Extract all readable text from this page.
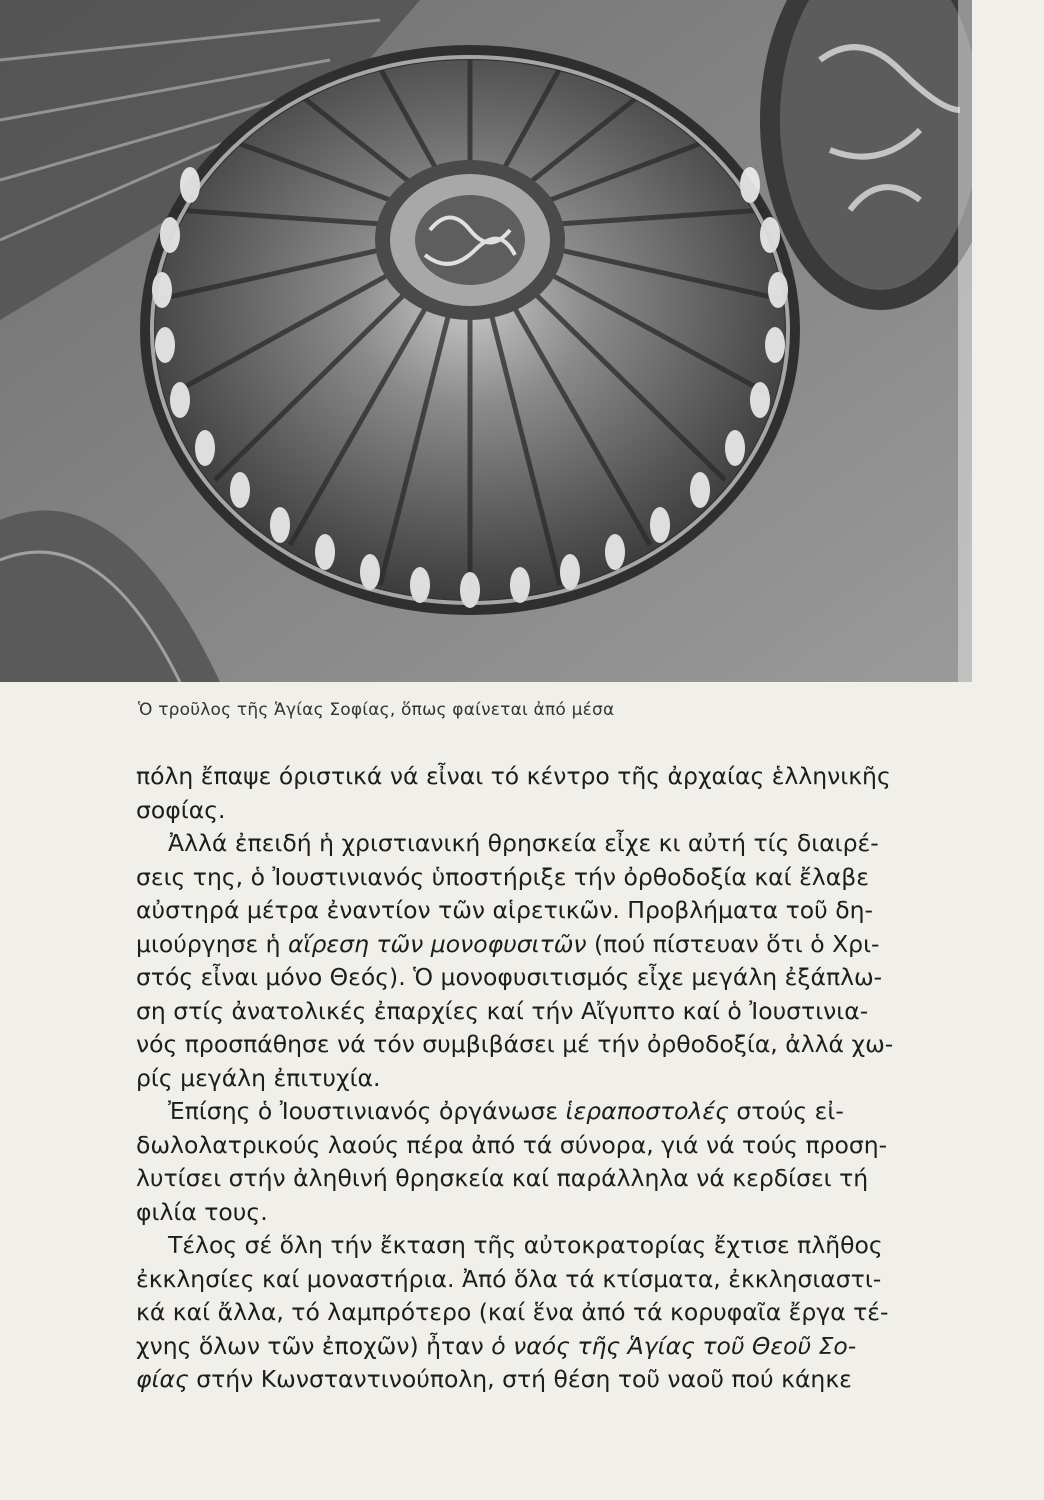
Ὁ τροῦλος τῆς Ἁγίας Σοφίας, ὅπως φαίνεται ἀπό μέσα

πόλη ἔπαψε όριστικά νά εἶναι τό κέντρο τῆς ἀρχαίας ἑλληνικῆς
σοφίας.

Ἀλλά ἐπειδή ἡ χριστιανική θρησκεία εἶχε κι αὐτή τίς διαιρέ-
σεις της, ὁ Ἰουστινιανός ὑποστήριξε τήν ὀρθοδοξία καί ἔλαβε
αὐστηρά μέτρα ἐναντίον τῶν αἱρετικῶν. Προβλήματα τοῦ δη-
μιούργησε ἡ αἵρεση τῶν μονοφυσιτῶν (πού πίστευαν ὅτι ὁ Χρι-
στός εἶναι μόνο Θεός). Ὁ μονοφυσιτισμός εἶχε μεγάλη ἐξάπλω-
ση στίς ἀνατολικές ἐπαρχίες καί τήν Αἴγυπτο καί ὁ Ἰουστινια-
νός προσπάθησε νά τόν συμβιβάσει μέ τήν ὀρθοδοξία, ἀλλά χω-
ρίς μεγάλη ἐπιτυχία.

Ἐπίσης ὁ Ἰουστινιανός ὀργάνωσε ἱεραποστολές στούς εἰ-
δωλολατρικούς λαούς πέρα ἀπό τά σύνορα, γιά νά τούς προση-
λυτίσει στήν ἀληθινή θρησκεία καί παράλληλα νά κερδίσει τή
φιλία τους.

Τέλος σέ ὅλη τήν ἔκταση τῆς αὐτοκρατορίας ἔχτισε πλῆθος
ἐκκλησίες καί μοναστήρια. Ἀπό ὅλα τά κτίσματα, ἐκκλησιαστι-
κά καί ἄλλα, τό λαμπρότερο (καί ἕνα ἀπό τά κορυφαῖα ἔργα τέ-
χνης ὅλων τῶν ἐποχῶν) ἦταν ὁ ναός τῆς Ἁγίας τοῦ Θεοῦ Σο-
φίας στήν Κωνσταντινούπολη, στή θέση τοῦ ναοῦ πού κάηκε
